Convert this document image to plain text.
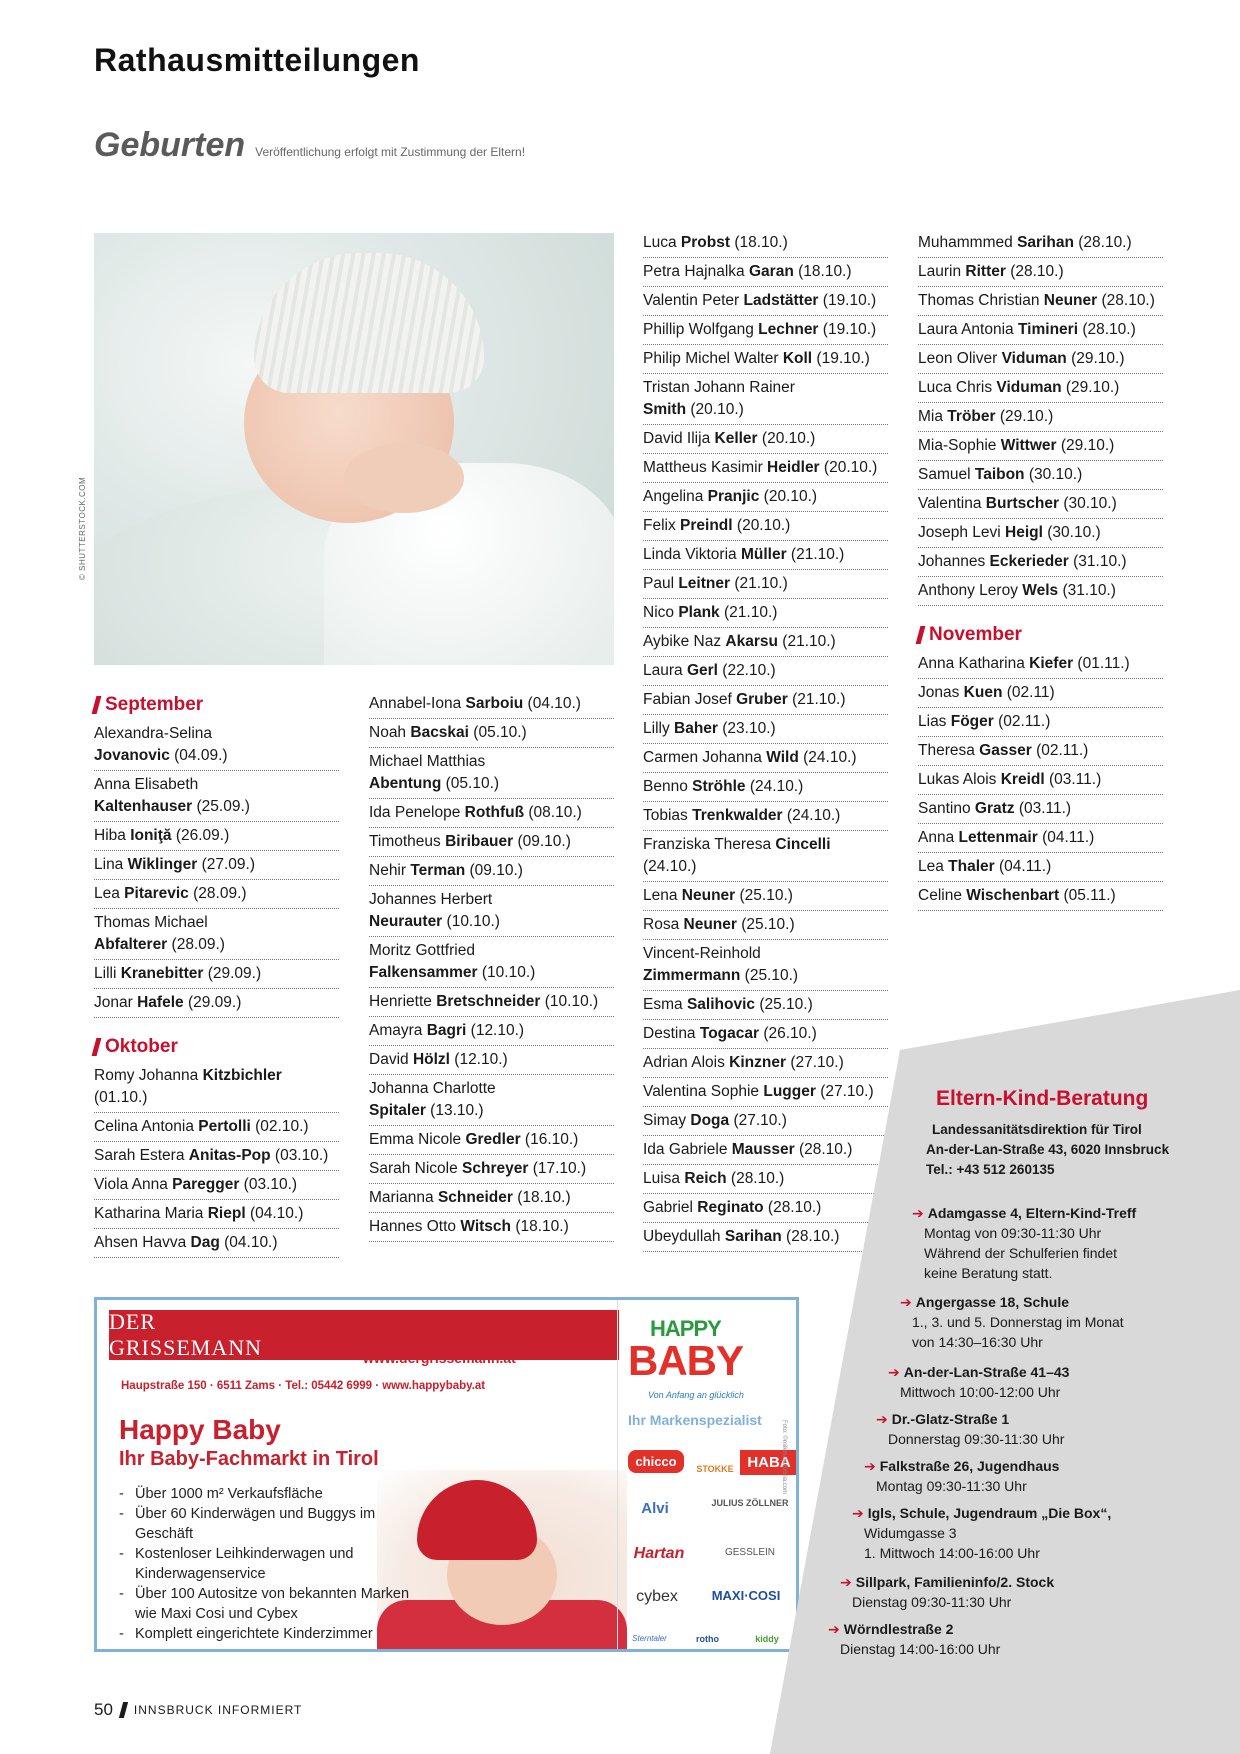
Rathausmitteilungen
Geburten Veröffentlichung erfolgt mit Zustimmung der Eltern!
© SHUTTERSTOCK.COM
September
Alexandra-Selina
Jovanovic (04.09.)
Anna Elisabeth
Kaltenhauser (25.09.)
Hiba Ioniţă (26.09.)
Lina Wiklinger (27.09.)
Lea Pitarevic (28.09.)
Thomas Michael
Abfalterer (28.09.)
Lilli Kranebitter (29.09.)
Jonar Hafele (29.09.)
Oktober
Romy Johanna Kitzbichler (01.10.)
Celina Antonia Pertolli (02.10.)
Sarah Estera Anitas-Pop (03.10.)
Viola Anna Paregger (03.10.)
Katharina Maria Riepl (04.10.)
Ahsen Havva Dag (04.10.)
Annabel-Iona Sarboiu (04.10.)
Noah Bacskai (05.10.)
Michael Matthias
Abentung (05.10.)
Ida Penelope Rothfuß (08.10.)
Timotheus Biribauer (09.10.)
Nehir Terman (09.10.)
Johannes Herbert
Neurauter (10.10.)
Moritz Gottfried
Falkensammer (10.10.)
Henriette Bretschneider (10.10.)
Amayra Bagri (12.10.)
David Hölzl (12.10.)
Johanna Charlotte
Spitaler (13.10.)
Emma Nicole Gredler (16.10.)
Sarah Nicole Schreyer (17.10.)
Marianna Schneider (18.10.)
Hannes Otto Witsch (18.10.)
Luca Probst (18.10.)
Petra Hajnalka Garan (18.10.)
Valentin Peter Ladstätter (19.10.)
Phillip Wolfgang Lechner (19.10.)
Philip Michel Walter Koll (19.10.)
Tristan Johann Rainer
Smith (20.10.)
David Ilija Keller (20.10.)
Mattheus Kasimir Heidler (20.10.)
Angelina Pranjic (20.10.)
Felix Preindl (20.10.)
Linda Viktoria Müller (21.10.)
Paul Leitner (21.10.)
Nico Plank (21.10.)
Aybike Naz Akarsu (21.10.)
Laura Gerl (22.10.)
Fabian Josef Gruber (21.10.)
Lilly Baher (23.10.)
Carmen Johanna Wild (24.10.)
Benno Ströhle (24.10.)
Tobias Trenkwalder (24.10.)
Franziska Theresa Cincelli (24.10.)
Lena Neuner (25.10.)
Rosa Neuner (25.10.)
Vincent-Reinhold
Zimmermann (25.10.)
Esma Salihovic (25.10.)
Destina Togacar (26.10.)
Adrian Alois Kinzner (27.10.)
Valentina Sophie Lugger (27.10.)
Simay Doga (27.10.)
Ida Gabriele Mausser (28.10.)
Luisa Reich (28.10.)
Gabriel Reginato (28.10.)
Ubeydullah Sarihan (28.10.)
Muhammmed Sarihan (28.10.)
Laurin Ritter (28.10.)
Thomas Christian Neuner (28.10.)
Laura Antonia Timineri (28.10.)
Leon Oliver Viduman (29.10.)
Luca Chris Viduman (29.10.)
Mia Tröber (29.10.)
Mia-Sophie Wittwer (29.10.)
Samuel Taibon (30.10.)
Valentina Burtscher (30.10.)
Joseph Levi Heigl (30.10.)
Johannes Eckerieder (31.10.)
Anthony Leroy Wels (31.10.)
November
Anna Katharina Kiefer (01.11.)
Jonas Kuen (02.11)
Lias Föger (02.11.)
Theresa Gasser (02.11.)
Lukas Alois Kreidl (03.11.)
Santino Gratz (03.11.)
Anna Lettenmair (04.11.)
Lea Thaler (04.11.)
Celine Wischenbart (05.11.)
DER GRISSEMANN	www.dergrissemann.at
Haupstraße 150 · 6511 Zams · Tel.: 05442 6999 · www.happybaby.at
Happy Baby
Ihr Baby-Fachmarkt in Tirol
- Über 1000 m² Verkaufsfläche
- Über 60 Kinderwägen und Buggys im Geschäft
- Kostenloser Leihkinderwagen und Kinderwagenservice
- Über 100 Autositze von bekannten Marken wie Maxi Cosi und Cybex
- Komplett eingerichtete Kinderzimmer
HAPPY
BABY
Von Anfang an glücklich
Ihr Markenspezialist
chicco	STOKKE HABA
Alvi	JULIUS ZÖLLNER
Hartan	GESSLEIN
cybex	MAXI·COSI
Sterntaler	rotho	kiddy
Foto: ©milkmaid/fotolia.com
Eltern-Kind-Beratung
Landessanitätsdirektion für Tirol
An-der-Lan-Straße 43, 6020 Innsbruck
Tel.: +43 512 260135
➔ Adamgasse 4, Eltern-Kind-Treff
Montag von 09:30-11:30 Uhr
Während der Schulferien findet
keine Beratung statt.
➔ Angergasse 18, Schule
1., 3. und 5. Donnerstag im Monat
von 14:30–16:30 Uhr
➔ An-der-Lan-Straße 41–43
Mittwoch 10:00-12:00 Uhr
➔ Dr.-Glatz-Straße 1
Donnerstag 09:30-11:30 Uhr
➔ Falkstraße 26, Jugendhaus
Montag 09:30-11:30 Uhr
➔ Igls, Schule, Jugendraum „Die Box“,
Widumgasse 3
1. Mittwoch 14:00-16:00 Uhr
➔ Sillpark, Familieninfo/2. Stock
Dienstag 09:30-11:30 Uhr
➔ Wörndlestraße 2
Dienstag 14:00-16:00 Uhr
50 INNSBRUCK INFORMIERT
